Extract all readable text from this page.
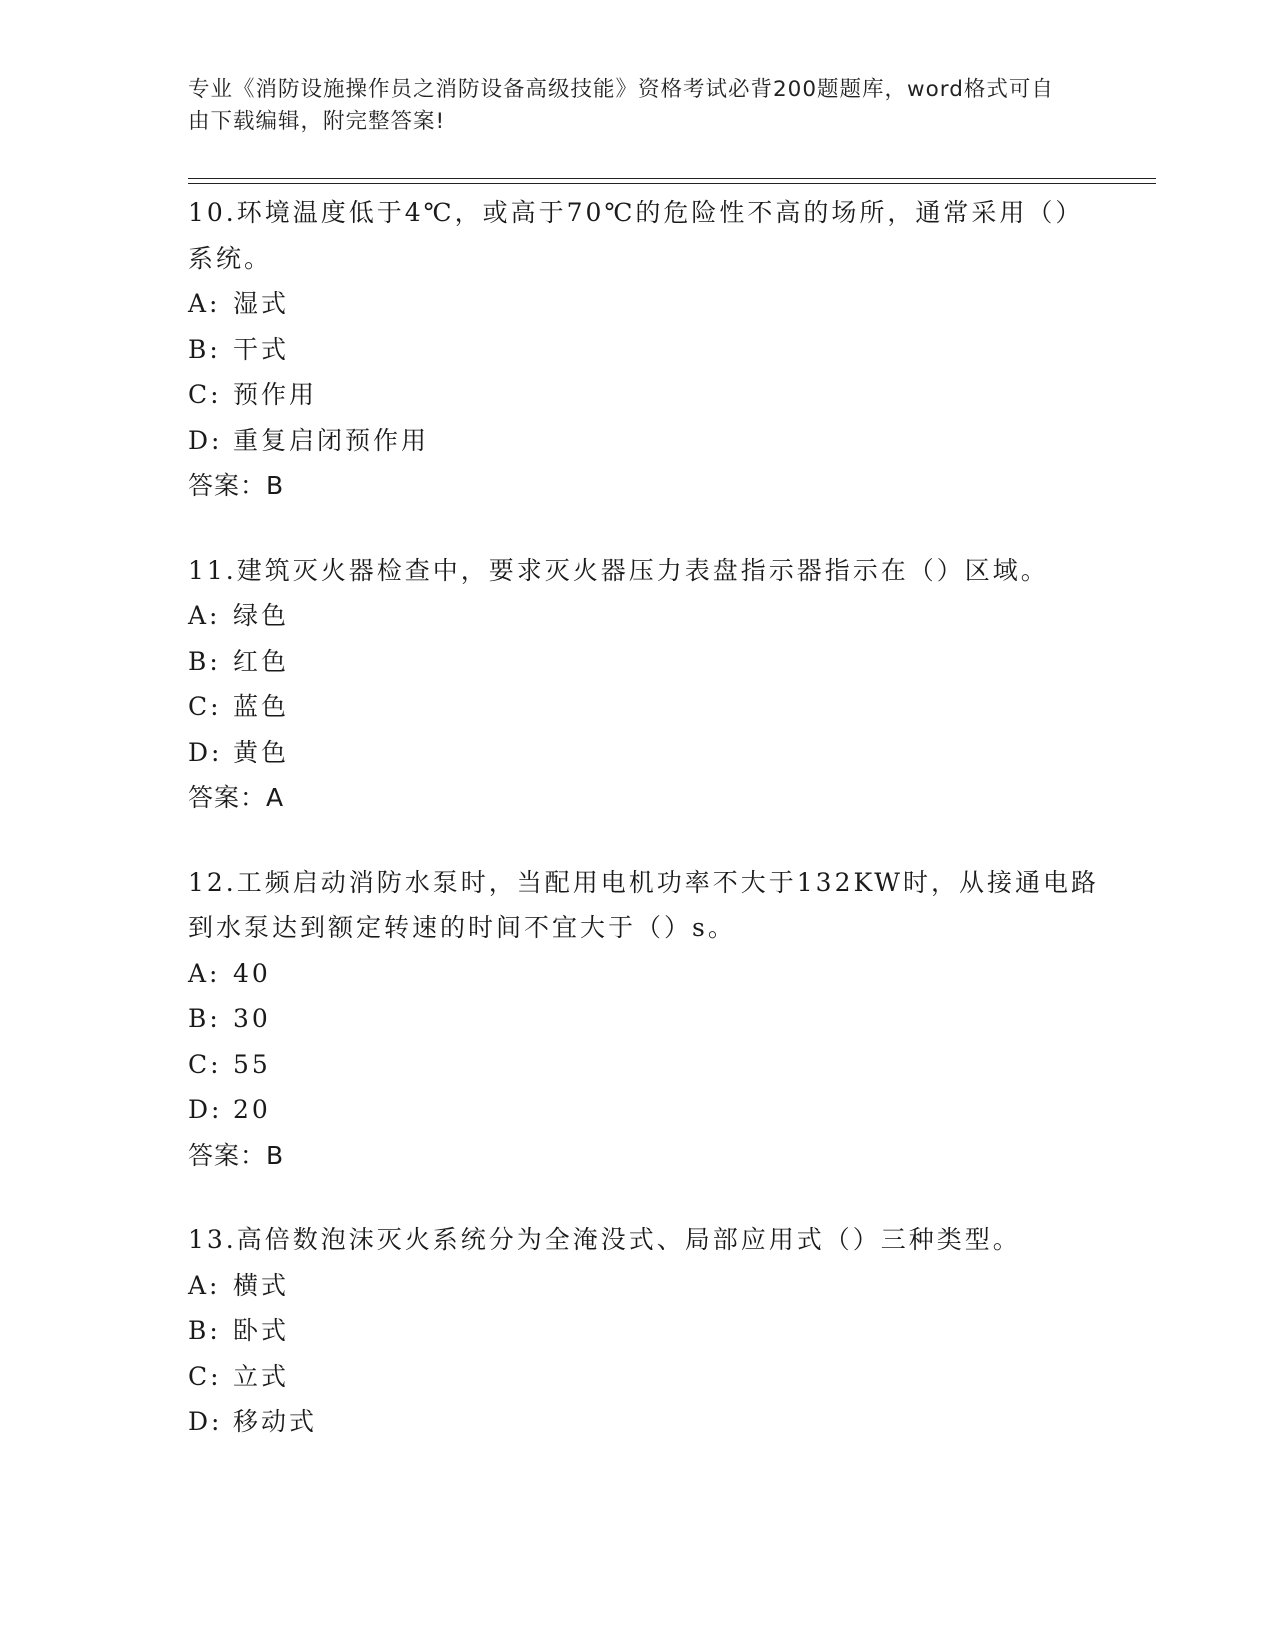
专业《消防设施操作员之消防设备高级技能》资格考试必背200题题库，word格式可自由下载编辑，附完整答案!
10.环境温度低于4℃，或高于70℃的危险性不高的场所，通常采用（）系统。
A: 湿式
B: 干式
C: 预作用
D: 重复启闭预作用
答案：B
11.建筑灭火器检查中，要求灭火器压力表盘指示器指示在（）区域。
A: 绿色
B: 红色
C: 蓝色
D: 黄色
答案：A
12.工频启动消防水泵时，当配用电机功率不大于132KW时，从接通电路到水泵达到额定转速的时间不宜大于（）s。
A: 40
B: 30
C: 55
D: 20
答案：B
13.高倍数泡沫灭火系统分为全淹没式、局部应用式（）三种类型。
A: 横式
B: 卧式
C: 立式
D: 移动式
